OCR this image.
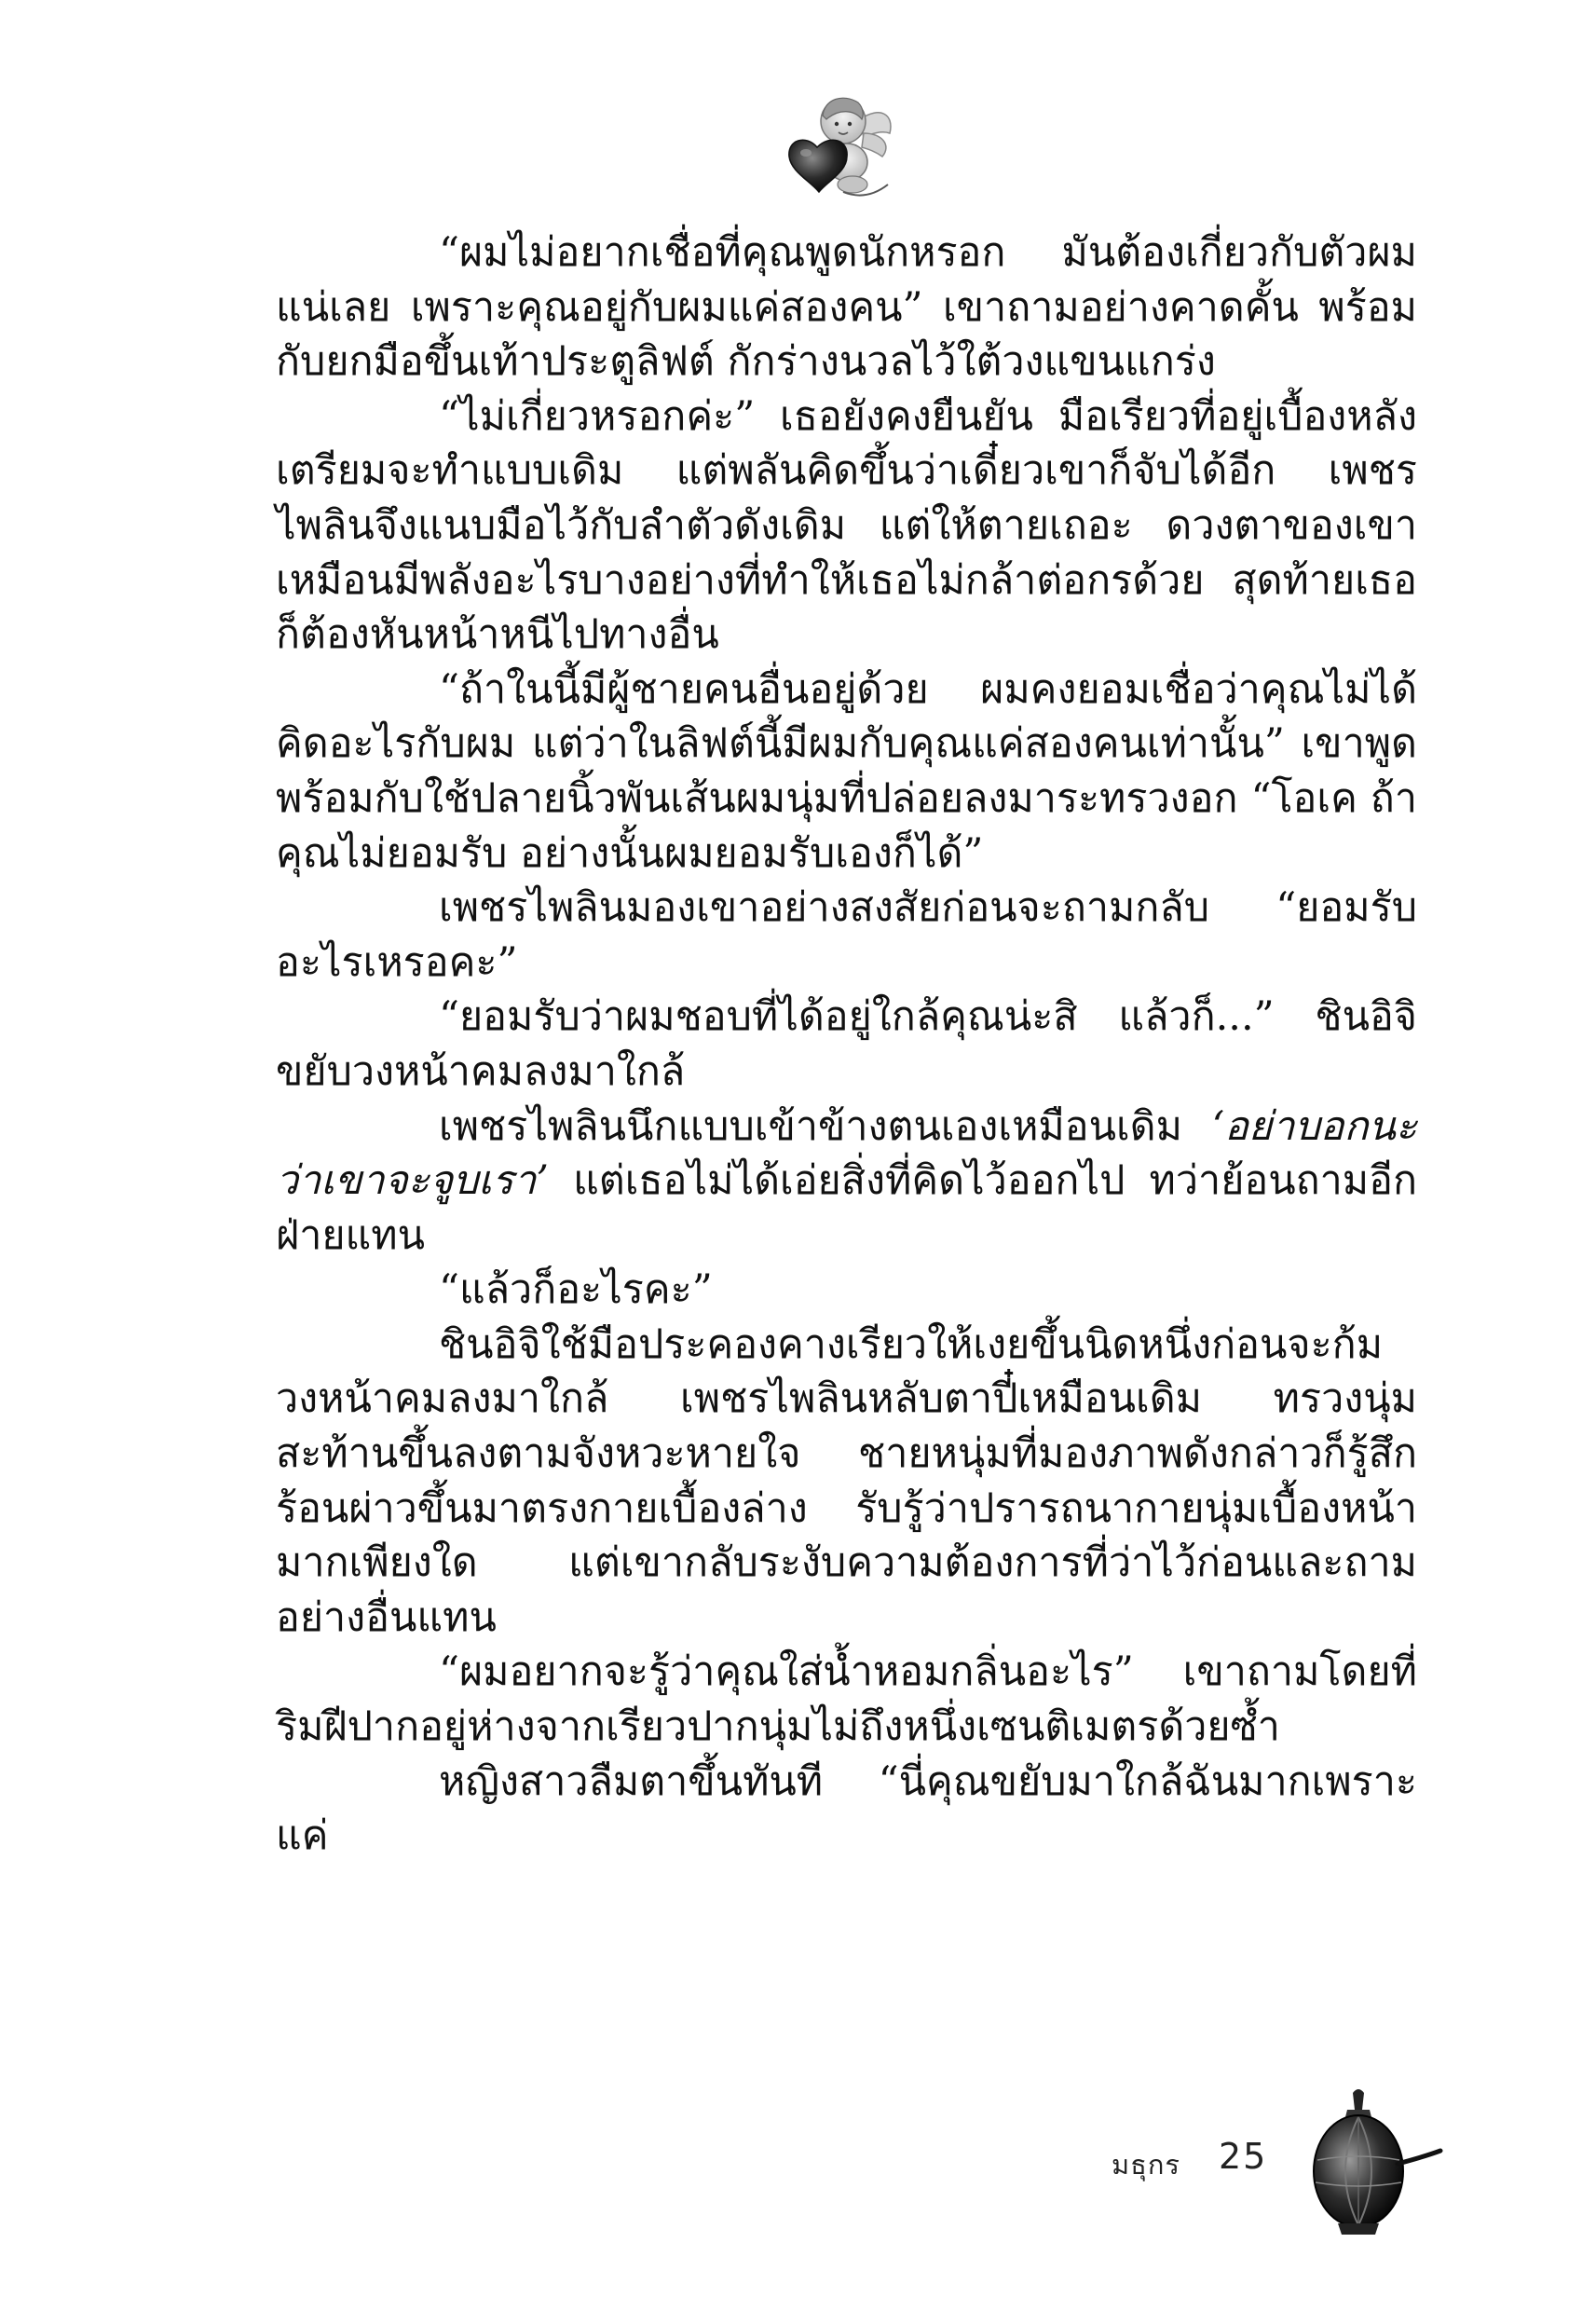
“ผมไม่อยากเชื่อที่คุณพูดนักหรอก มันต้องเกี่ยวกับตัวผมแน่เลย เพราะคุณอยู่กับผมแค่สองคน” เขาถามอย่างคาดคั้น พร้อมกับยกมือขึ้นเท้าประตูลิฟต์ กักร่างนวลไว้ใต้วงแขนแกร่ง

“ไม่เกี่ยวหรอกค่ะ” เธอยังคงยืนยัน มือเรียวที่อยู่เบื้องหลังเตรียมจะทำแบบเดิม แต่พลันคิดขึ้นว่าเดี๋ยวเขาก็จับได้อีก เพชรไพลินจึงแนบมือไว้กับลำตัวดังเดิม แต่ให้ตายเถอะ ดวงตาของเขาเหมือนมีพลังอะไรบางอย่างที่ทำให้เธอไม่กล้าต่อกรด้วย สุดท้ายเธอก็ต้องหันหน้าหนีไปทางอื่น

“ถ้าในนี้มีผู้ชายคนอื่นอยู่ด้วย ผมคงยอมเชื่อว่าคุณไม่ได้คิดอะไรกับผม แต่ว่าในลิฟต์นี้มีผมกับคุณแค่สองคนเท่านั้น” เขาพูดพร้อมกับใช้ปลายนิ้วพันเส้นผมนุ่มที่ปล่อยลงมาระทรวงอก “โอเค ถ้าคุณไม่ยอมรับ อย่างนั้นผมยอมรับเองก็ได้”

เพชรไพลินมองเขาอย่างสงสัยก่อนจะถามกลับ “ยอมรับอะไรเหรอคะ”

“ยอมรับว่าผมชอบที่ได้อยู่ใกล้คุณน่ะสิ แล้วก็...” ชินอิจิขยับวงหน้าคมลงมาใกล้

เพชรไพลินนึกแบบเข้าข้างตนเองเหมือนเดิม ‘อย่าบอกนะว่าเขาจะจูบเรา’ แต่เธอไม่ได้เอ่ยสิ่งที่คิดไว้ออกไป ทว่าย้อนถามอีกฝ่ายแทน

“แล้วก็อะไรคะ”

ชินอิจิใช้มือประคองคางเรียวให้เงยขึ้นนิดหนึ่งก่อนจะก้มวงหน้าคมลงมาใกล้ เพชรไพลินหลับตาปี๋เหมือนเดิม ทรวงนุ่มสะท้านขึ้นลงตามจังหวะหายใจ ชายหนุ่มที่มองภาพดังกล่าวก็รู้สึกร้อนผ่าวขึ้นมาตรงกายเบื้องล่าง รับรู้ว่าปรารถนากายนุ่มเบื้องหน้ามากเพียงใด แต่เขากลับระงับความต้องการที่ว่าไว้ก่อนและถามอย่างอื่นแทน

“ผมอยากจะรู้ว่าคุณใส่น้ำหอมกลิ่นอะไร” เขาถามโดยที่ริมฝีปากอยู่ห่างจากเรียวปากนุ่มไม่ถึงหนึ่งเซนติเมตรด้วยซ้ำ

หญิงสาวลืมตาขึ้นทันที “นี่คุณขยับมาใกล้ฉันมากเพราะแค่

มธุกร 25
